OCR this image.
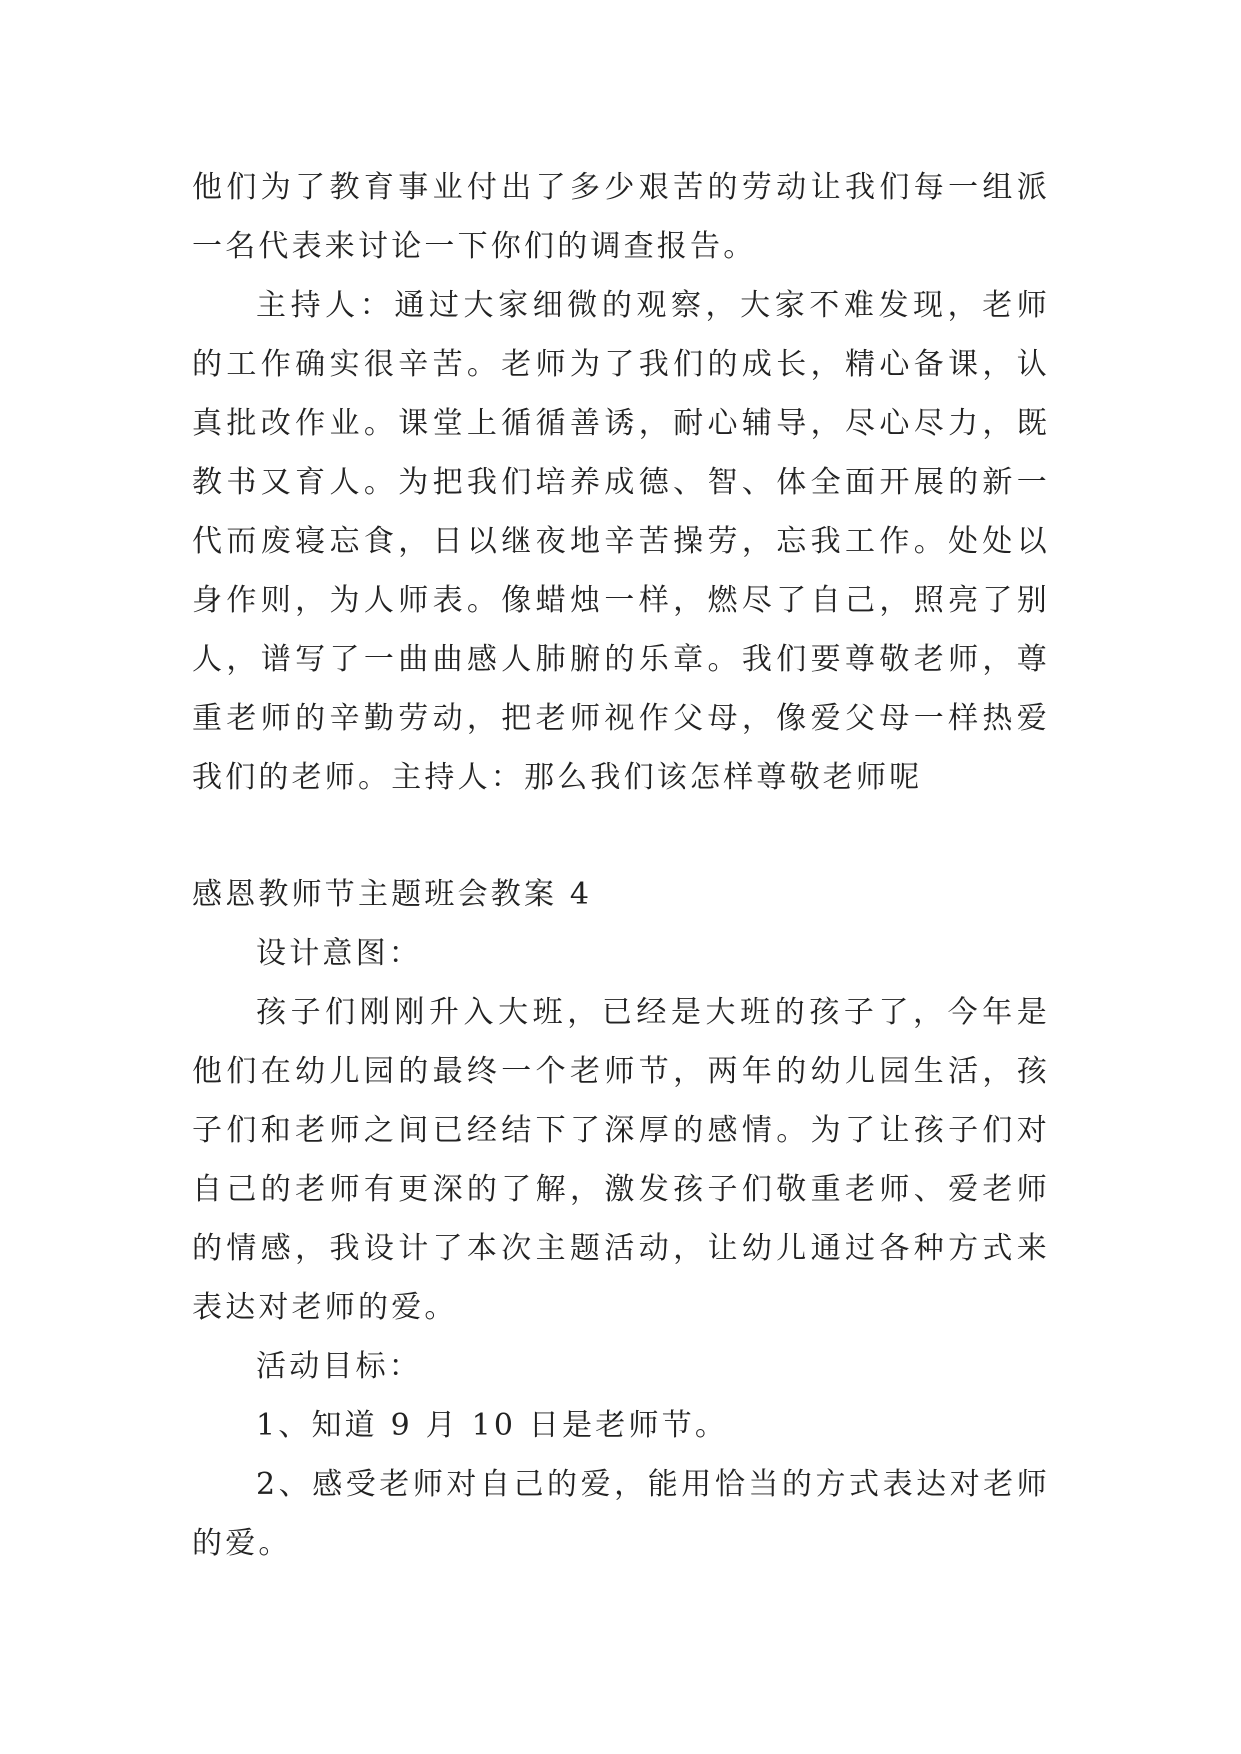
他们为了教育事业付出了多少艰苦的劳动让我们每一组派一名代表来讨论一下你们的调查报告。

主持人：通过大家细微的观察，大家不难发现，老师的工作确实很辛苦。老师为了我们的成长，精心备课，认真批改作业。课堂上循循善诱，耐心辅导，尽心尽力，既教书又育人。为把我们培养成德、智、体全面开展的新一代而废寝忘食，日以继夜地辛苦操劳，忘我工作。处处以身作则，为人师表。像蜡烛一样，燃尽了自己，照亮了别人，谱写了一曲曲感人肺腑的乐章。我们要尊敬老师，尊重老师的辛勤劳动，把老师视作父母，像爱父母一样热爱我们的老师。主持人：那么我们该怎样尊敬老师呢

感恩教师节主题班会教案 4

设计意图：

孩子们刚刚升入大班，已经是大班的孩子了，今年是他们在幼儿园的最终一个老师节，两年的幼儿园生活，孩子们和老师之间已经结下了深厚的感情。为了让孩子们对自己的老师有更深的了解，激发孩子们敬重老师、爱老师的情感，我设计了本次主题活动，让幼儿通过各种方式来表达对老师的爱。

活动目标：

1、知道 9 月 10 日是老师节。

2、感受老师对自己的爱，能用恰当的方式表达对老师的爱。
